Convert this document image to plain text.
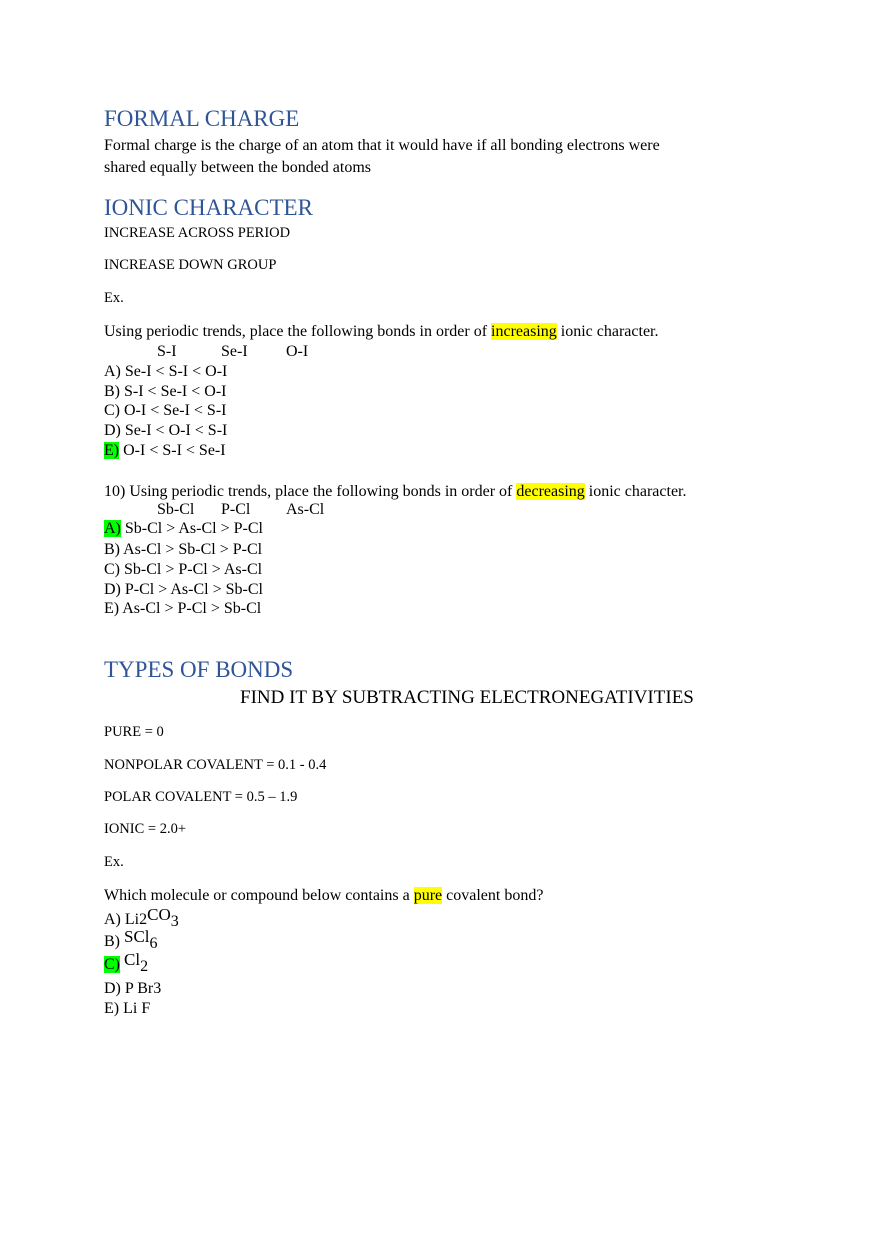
FORMAL CHARGE
Formal charge is the charge of an atom that it would have if all bonding electrons were
shared equally between the bonded atoms
IONIC CHARACTER
INCREASE ACROSS PERIOD
INCREASE DOWN GROUP
Ex.
Using periodic trends, place the following bonds in order of increasing ionic character.
S-I	Se-I O-I
A) Se-I < S-I < O-I
B) S-I < Se-I < O-I
C) O-I < Se-I < S-I
D) Se-I < O-I < S-I
E) O-I < S-I < Se-I
10) Using periodic trends, place the following bonds in order of decreasing ionic character.
Sb-Cl P-Cl As-Cl
A) Sb-Cl > As-Cl > P-Cl
B) As-Cl > Sb-Cl > P-Cl
C) Sb-Cl > P-Cl > As-Cl
D) P-Cl > As-Cl > Sb-Cl
E) As-Cl > P-Cl > Sb-Cl
TYPES OF BONDS
FIND IT BY SUBTRACTING ELECTRONEGATIVITIES
PURE = 0
NONPOLAR COVALENT = 0.1 - 0.4
POLAR COVALENT = 0.5 – 1.9
IONIC = 2.0+
Ex.
Which molecule or compound below contains a pure covalent bond?
A) Li2CO3
B) SCl6
C) Cl2
D) P Br3
E) Li F
